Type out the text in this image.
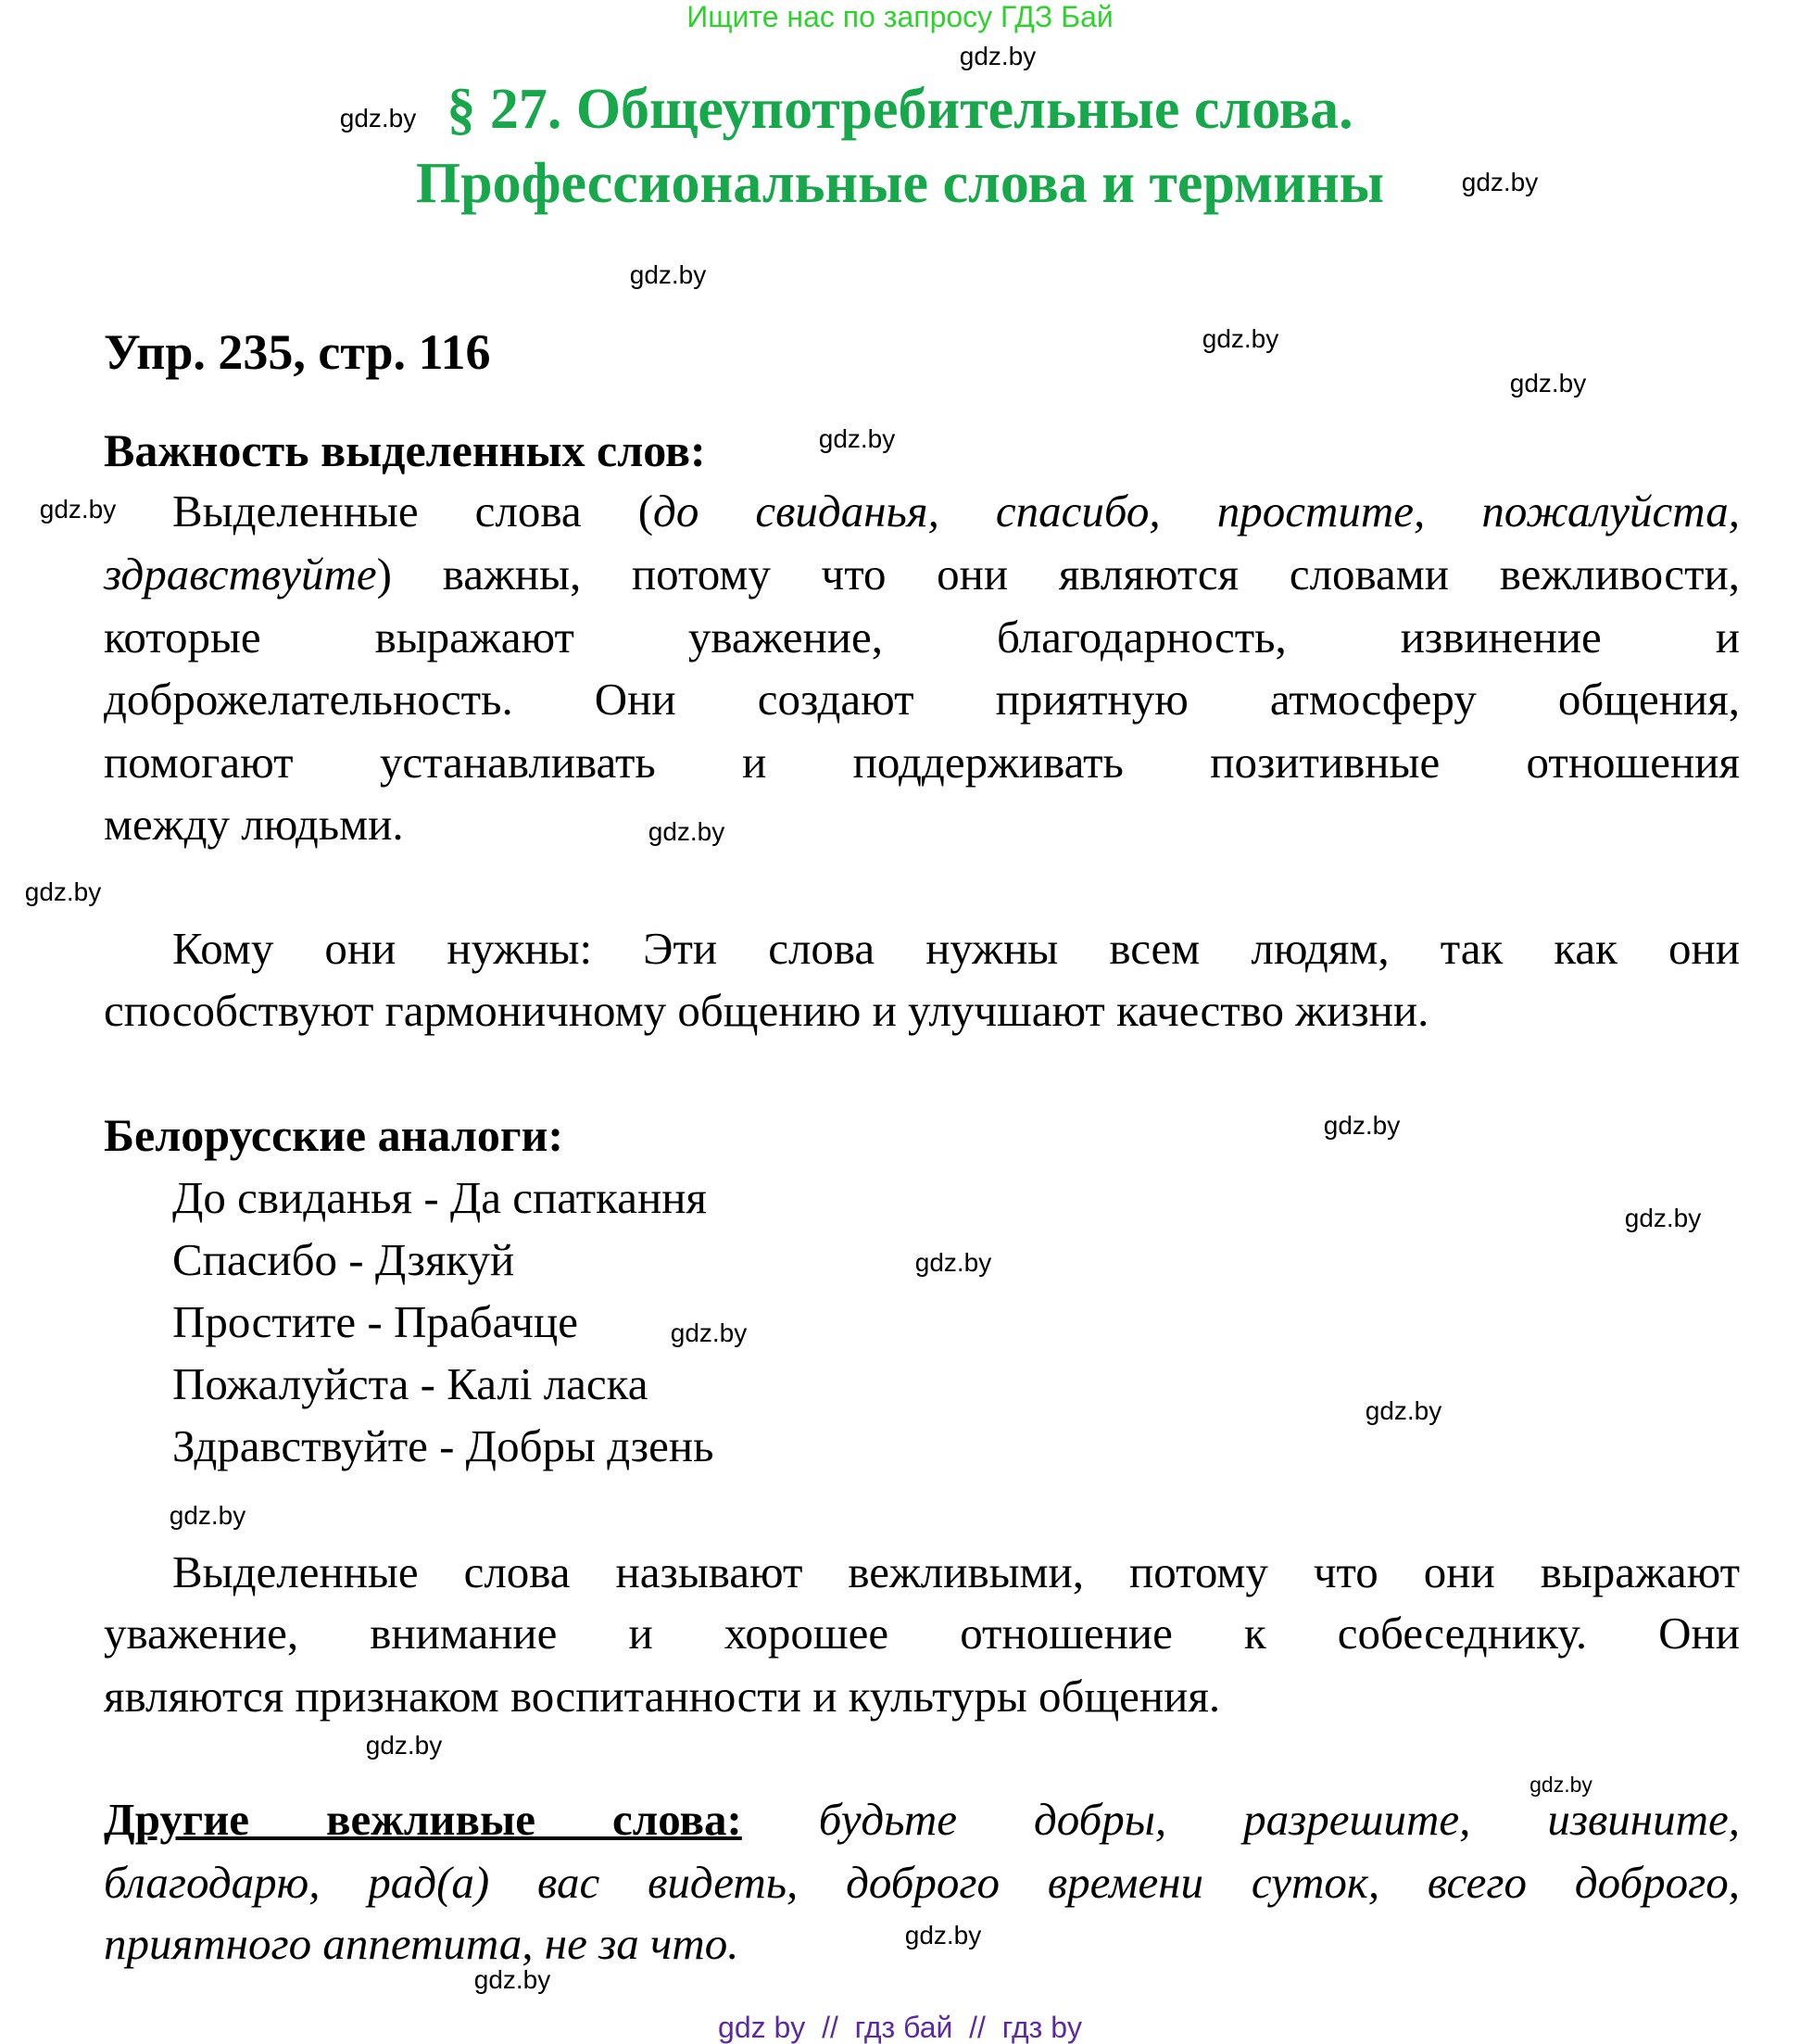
Ищите нас по запросу ГДЗ Бай
§ 27. Общеупотребительные слова.
Профессиональные слова и термины
Упр. 235, стр. 116
Важность выделенных слов:
Выделенные слова (до свиданья, спасибо, простите, пожалуйста,
здравствуйте) важны, потому что они являются словами вежливости,
которые выражают уважение, благодарность, извинение и
доброжелательность. Они создают приятную атмосферу общения,
помогают устанавливать и поддерживать позитивные отношения
между людьми.
Кому они нужны: Эти слова нужны всем людям, так как они
способствуют гармоничному общению и улучшают качество жизни.
Белорусские аналоги:
До свиданья - Да спаткання
Спасибо - Дзякуй
Простите - Прабачце
Пожалуйста - Калі ласка
Здравствуйте - Добры дзень
Выделенные слова называют вежливыми, потому что они выражают
уважение, внимание и хорошее отношение к собеседнику. Они
являются признаком воспитанности и культуры общения.
Другие вежливые слова: будьте добры, разрешите, извините,
благодарю, рад(а) вас видеть, доброго времени суток, всего доброго,
приятного аппетита, не за что.
gdz.by
gdz.by
gdz.by
gdz.by
gdz.by
gdz.by
gdz.by
gdz.by
gdz.by
gdz.by
gdz.by
gdz.by
gdz.by
gdz.by
gdz.by
gdz.by
gdz.by
gdz.by
gdz.by
gdz.by
gdz by  //  гдз бай  //  гдз by
